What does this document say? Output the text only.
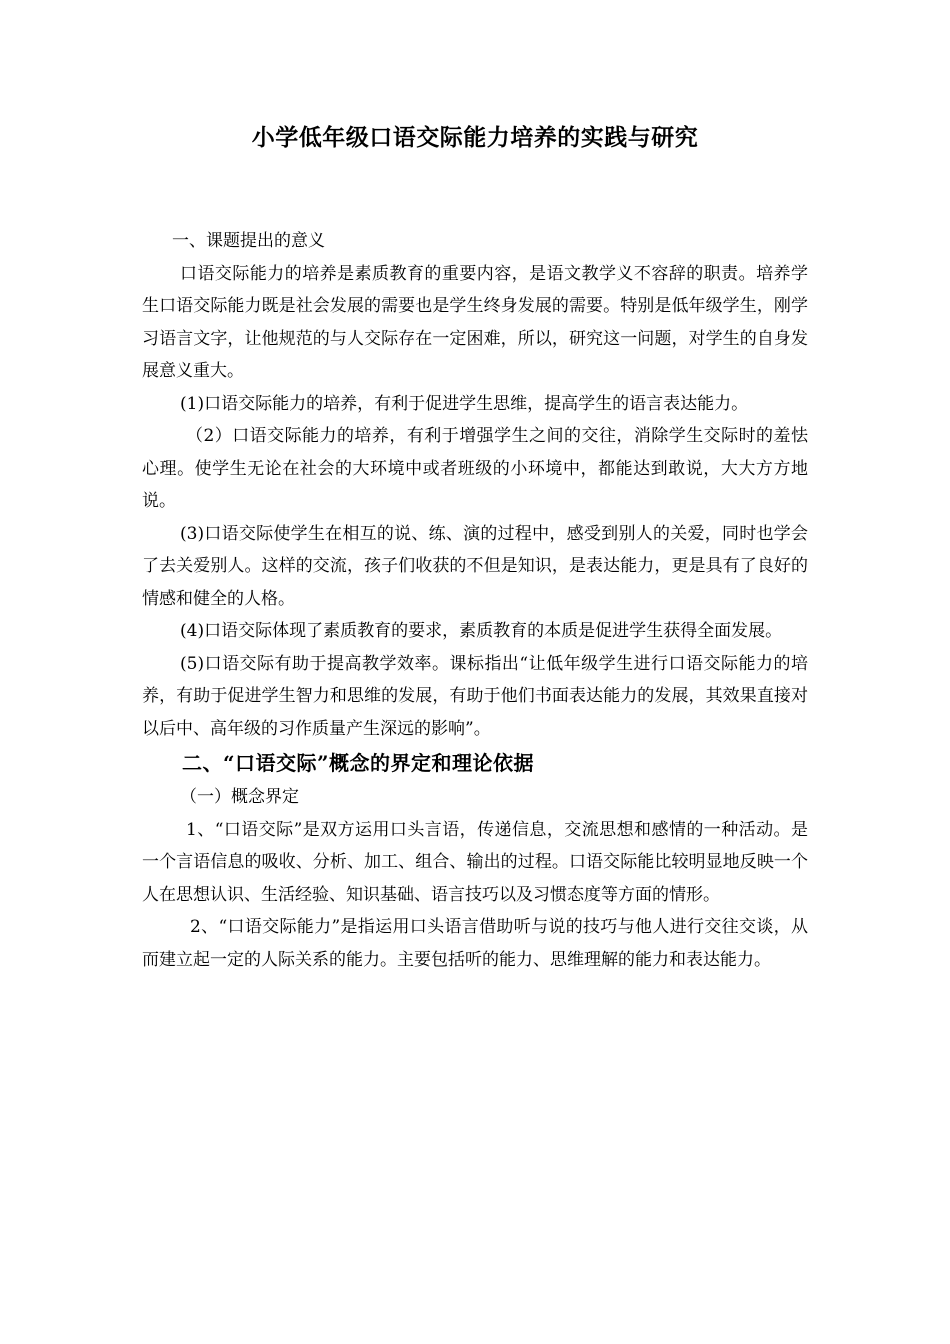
小学低年级口语交际能力培养的实践与研究

一、课题提出的意义

口语交际能力的培养是素质教育的重要内容，是语文教学义不容辞的职责。培养学生口语交际能力既是社会发展的需要也是学生终身发展的需要。特别是低年级学生，刚学习语言文字，让他规范的与人交际存在一定困难，所以，研究这一问题，对学生的自身发展意义重大。

(1)口语交际能力的培养，有利于促进学生思维，提高学生的语言表达能力。

（2）口语交际能力的培养，有利于增强学生之间的交往，消除学生交际时的羞怯心理。使学生无论在社会的大环境中或者班级的小环境中，都能达到敢说，大大方方地说。

(3)口语交际使学生在相互的说、练、演的过程中，感受到别人的关爱，同时也学会了去关爱别人。这样的交流，孩子们收获的不但是知识，是表达能力，更是具有了良好的情感和健全的人格。

(4)口语交际体现了素质教育的要求，素质教育的本质是促进学生获得全面发展。

(5)口语交际有助于提高教学效率。课标指出“让低年级学生进行口语交际能力的培养，有助于促进学生智力和思维的发展，有助于他们书面表达能力的发展，其效果直接对以后中、高年级的习作质量产生深远的影响”。

二、“口语交际”概念的界定和理论依据

（一）概念界定

1、“口语交际”是双方运用口头言语，传递信息，交流思想和感情的一种活动。是一个言语信息的吸收、分析、加工、组合、输出的过程。口语交际能比较明显地反映一个人在思想认识、生活经验、知识基础、语言技巧以及习惯态度等方面的情形。

2、“口语交际能力”是指运用口头语言借助听与说的技巧与他人进行交往交谈，从而建立起一定的人际关系的能力。主要包括听的能力、思维理解的能力和表达能力。
